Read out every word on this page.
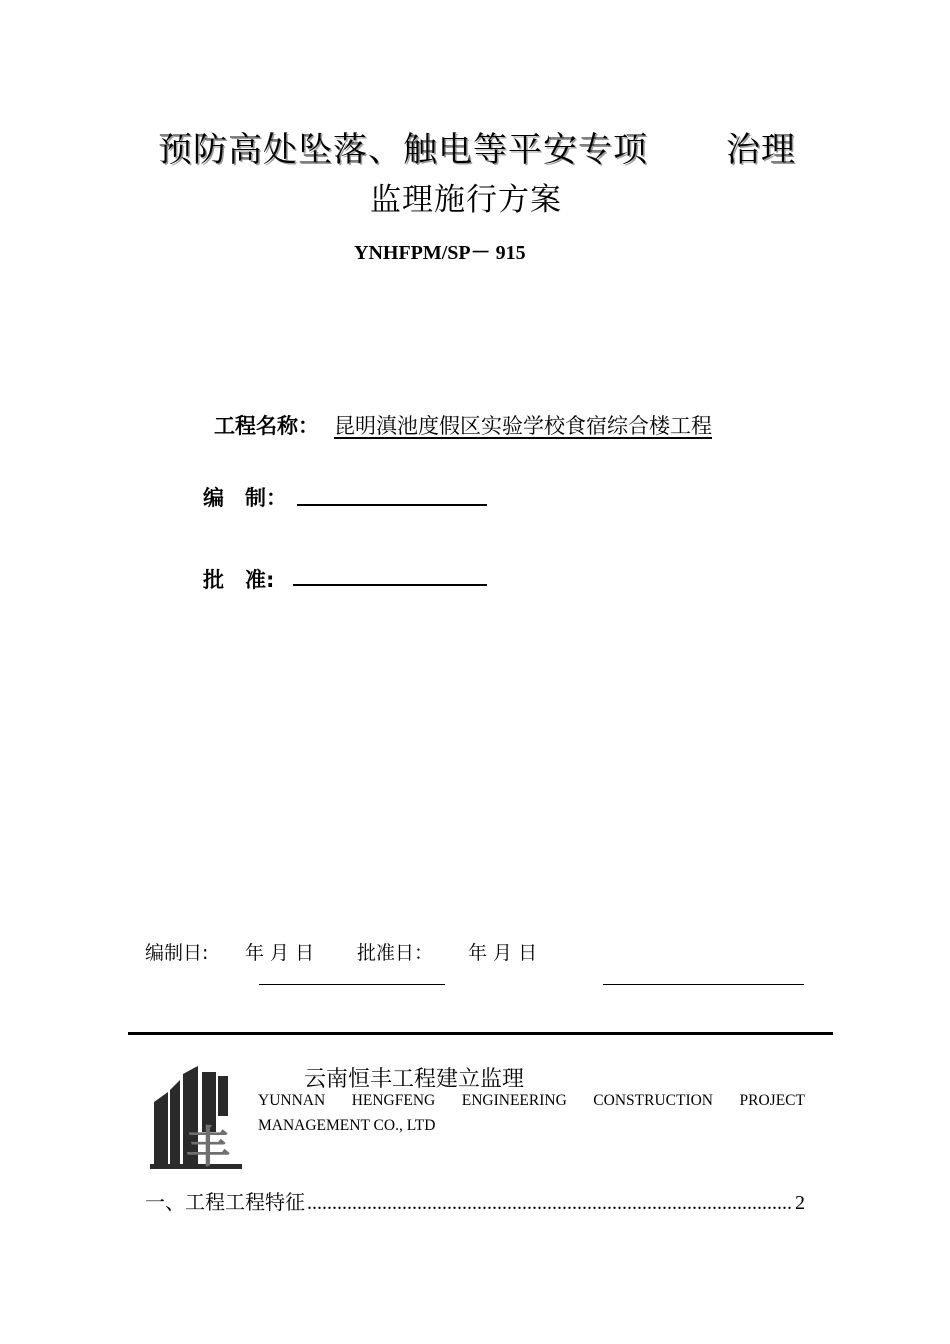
预防高处坠落、触电等平安专项 治理
监理施行方案
YNHFPM/SP－ 915
工程名称： 昆明滇池度假区实验学校食宿综合楼工程
编　制：
批　准:
编制日: 年 月 日 批准日： 年 月 日
丰
云南恒丰工程建立监理
YUNNAN HENGFENG ENGINEERING CONSTRUCTION PROJECT MANAGEMENT CO., LTD
一、工程工程特征
.....	2
